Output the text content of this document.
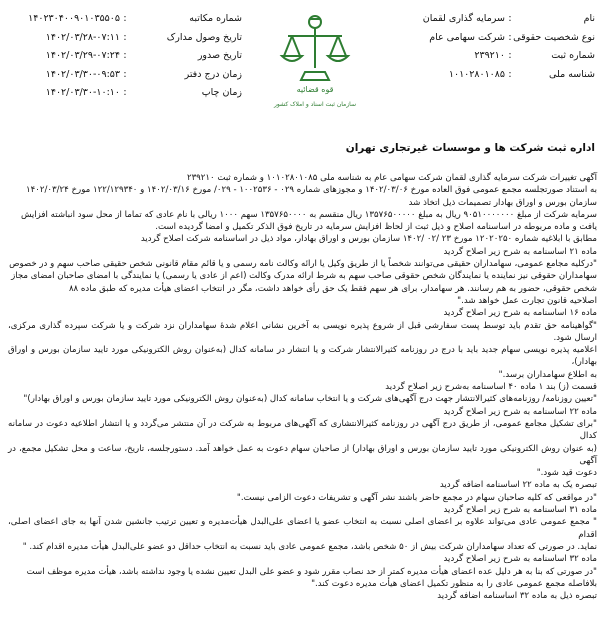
نام
:
سرمایه گذاری لقمان
نوع شخصیت حقوقی
:
شرکت سهامی عام
شماره ثبت
:
۲۳۹۲۱۰
شناسه ملی
:
۱۰۱۰۲۸۰۱۰۸۵
قوه قضائیه
سازمان ثبت اسناد و املاک کشور
شماره مکاتبه
:
۱۴۰۲۳۰۴۰۰۹۰۱۰۳۵۵۰۵
تاریخ وصول مدارک
:
۱۴۰۲/۰۳/۲۸-۰۷:۱۱
تاریخ صدور
:
۱۴۰۲/۰۳/۲۹-۰۷:۲۴
زمان درج دفتر
:
۱۴۰۲/۰۳/۳۰-۰۹:۵۳
زمان چاپ
:
۱۴۰۲/۰۳/۳۰-۱۰:۱۰
اداره ثبت شرکت ها و موسسات غیرتجاری تهران

آگهی تغییرات شرکت سرمایه گذاری لقمان شرکت سهامی عام به شناسه ملی ۱۰۱۰۲۸۰۱۰۸۵ و شماره ثبت ۲۳۹۲۱۰

به استناد صورتجلسه مجمع عمومی فوق العاده مورخ ۱۴۰۲/۰۳/۰۶ و مجوزهای شماره ۰۲۹ - ۱۰۰۲۵۳۶ - ۰۲۹/ مورخ ۱۴۰۲/۰۳/۱۶ و ۱۲۲/۱۲۹۳۴۰ مورخ ۱۴۰۲/۰۳/۲۴

سازمان بورس و اوراق بهادار تصمیمات ذیل اتخاذ شد

سرمایه شرکت از مبلغ ۹۰۵۱۰۰۰۰۰۰۰ ریال به مبلغ ۱۳۵۷۶۵۰۰۰۰۰ ریال منقسم به ۱۳۵۷۶۵۰۰۰۰ سهم ۱۰۰۰ ریالی با نام عادی که تماما از محل سود انباشته افزایش

یافت و ماده مربوطه در اساسنامه اصلاح و ذیل ثبت از لحاظ افزایش سرمایه در تاریخ فوق الذکر تکمیل و امضا گردیده است.

مطابق با ابلاغیه شماره ۱۲۰۲۰۲۵۰ مورخ ۲۳ /۰۲ /۱۴۰۲ سازمان بورس و اوراق بهادار، مواد ذیل در اساسنامه شرکت اصلاح گردید

ماده ۲۱ اساسنامه به شرح زیر اصلاح گردید

"درکلیه مجامع عمومی، سهامداران حقیقی می‌توانند شخصاً یا از طریق وکیل یا ارائه وکالت نامه رسمی و یا قائم مقام قانونی شخص حقیقی صاحب سهم و در خصوص

سهامداران حقوقی نیز نماینده یا نمایندگان شخص حقوقی صاحب سهم به شرط ارائه مدرک وکالت (اعم از عادی یا رسمی) یا نمایندگی با امضای صاحبان امضای مجاز

شخص حقوقی، حضور به هم رسانند. هر سهامدار، برای هر سهم فقط یک حق رأی خواهد داشت، مگر در انتخاب اعضای هیأت مدیره که طبق ماده ۸۸

اصلاحیه قانون تجارت عمل خواهد شد."

ماده ۱۶ اساسنامه به شرح زیر اصلاح گردید

"گواهینامه حق تقدم باید توسط پست سفارشی قبل از شروع پذیره نویسی به آخرین نشانی اعلام شدهٔ سهامداران نزد شرکت و یا شرکت سپرده گذاری مرکزی، ارسال شود.

اعلامیه پذیره نویسی سهام جدید باید با درج در روزنامه کثیرالانتشار شرکت و یا انتشار در سامانه کدال (به‌عنوان روش الکترونیکی مورد تایید سازمان بورس و اوراق بهادار)،

به اطلاع سهامداران برسد."

قسمت (ز) بند ۱ ماده ۴۰ اساسنامه به‌شرح زیر اصلاح گردید

"تعیین روزنامه/ روزنامه‌های کثیرالانتشار جهت درج آگهی‌های شرکت و یا انتخاب سامانه کدال (به‌عنوان روش الکترونیکی مورد تایید سازمان بورس و اوراق بهادار)"

ماده ۲۲ اساسنامه به شرح زیر اصلاح گردید

"برای تشکیل مجامع عمومی، از طریق درج آگهی در روزنامه کثیرالانتشاری که آگهی‌های مربوط به شرکت در آن منتشر می‌گردد و یا انتشار اطلاعیه دعوت در سامانه کدال

(به عنوان روش الکترونیکی مورد تایید سازمان بورس و اوراق بهادار) از صاحبان سهام دعوت به عمل خواهد آمد. دستورجلسه، تاریخ، ساعت و محل تشکیل مجمع، در آگهی

دعوت قید شود."

تبصره یک به ماده ۲۲ اساسنامه اضافه گردید

"در مواقعی که کلیه صاحبان سهام در مجمع حاضر باشند نشر آگهی و تشریفات دعوت الزامی نیست."

ماده ۳۱ اساسنامه به شرح زیر اصلاح گردید

" مجمع عمومی عادی می‌تواند علاوه بر اعضای اصلی نسبت به انتخاب عضو یا اعضای علی‌البدل هیأت‌مدیره و تعیین ترتیب جانشین شدن آنها به جای اعضای اصلی، اقدام

نماید. در صورتی که تعداد سهامداران شرکت بیش از ۵۰ شخص باشد، مجمع عمومی عادی باید نسبت به انتخاب حداقل دو عضو علی‌البدل هیأت مدیره اقدام کند. "

ماده ۳۲ اساسنامه به شرح زیر اصلاح گردید

"در صورتی که بنا به هر دلیل عده اعضای هیأت مدیره کمتر از حد نصاب مقرر شود و عضو علی البدل تعیین نشده یا وجود نداشته باشد، هیأت مدیره موظف است

بلافاصله مجمع عمومی عادی را به منظور تکمیل اعضای هیأت مدیره دعوت کند."

تبصره ذیل به ماده ۳۲ اساسنامه اضافه گردید
